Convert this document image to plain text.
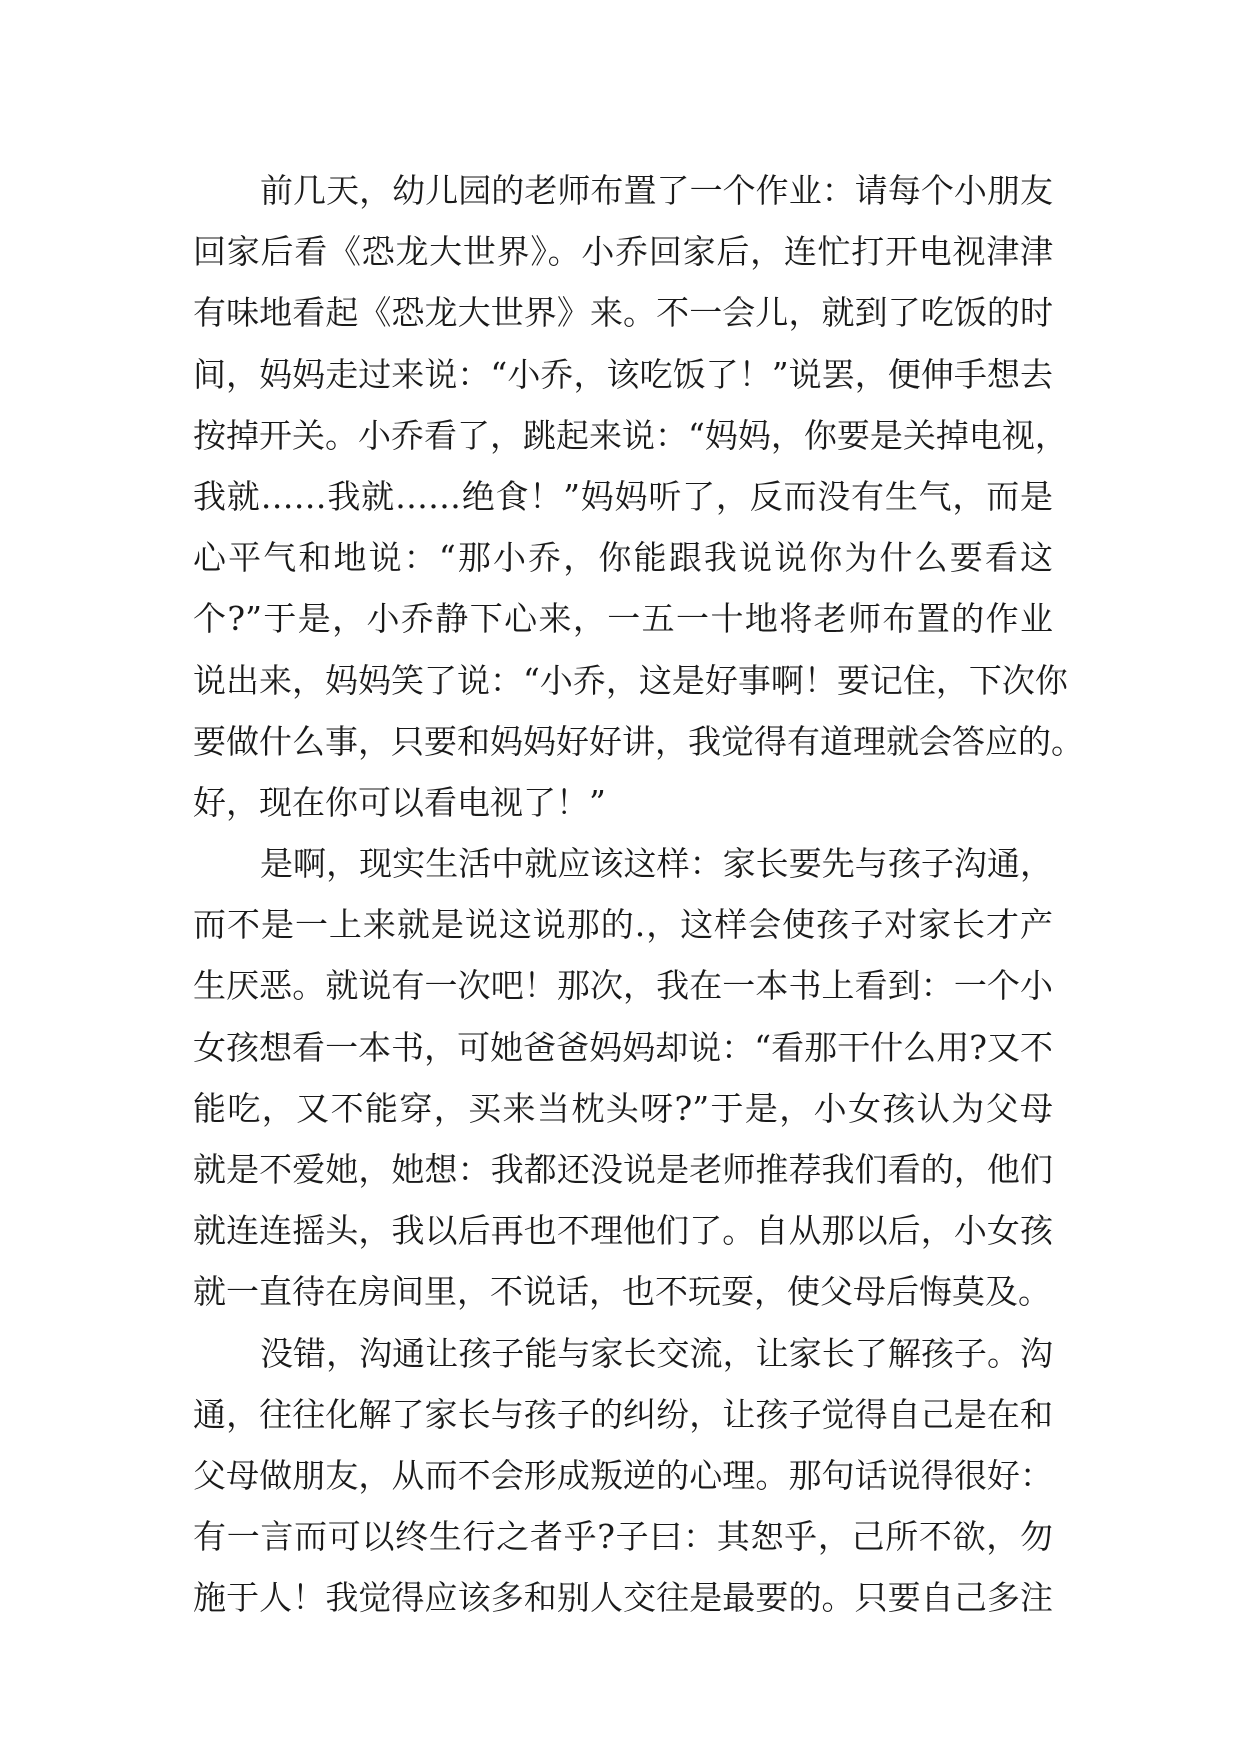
前几天，幼儿园的老师布置了一个作业：请每个小朋友
回家后看《恐龙大世界》。小乔回家后，连忙打开电视津津
有味地看起《恐龙大世界》来。不一会儿，就到了吃饭的时
间，妈妈走过来说：“小乔，该吃饭了！”说罢，便伸手想去
按掉开关。小乔看了，跳起来说：“妈妈，你要是关掉电视，
我就……我就……绝食！”妈妈听了，反而没有生气，而是
心平气和地说：“那小乔，你能跟我说说你为什么要看这
个?”于是，小乔静下心来，一五一十地将老师布置的作业
说出来，妈妈笑了说：“小乔，这是好事啊！要记住，下次你
要做什么事，只要和妈妈好好讲，我觉得有道理就会答应的。
好，现在你可以看电视了！”
是啊，现实生活中就应该这样：家长要先与孩子沟通，
而不是一上来就是说这说那的.，这样会使孩子对家长才产
生厌恶。就说有一次吧！那次，我在一本书上看到：一个小
女孩想看一本书，可她爸爸妈妈却说：“看那干什么用?又不
能吃，又不能穿，买来当枕头呀?”于是，小女孩认为父母
就是不爱她，她想：我都还没说是老师推荐我们看的，他们
就连连摇头，我以后再也不理他们了。自从那以后，小女孩
就一直待在房间里，不说话，也不玩耍，使父母后悔莫及。
没错，沟通让孩子能与家长交流，让家长了解孩子。沟
通，往往化解了家长与孩子的纠纷，让孩子觉得自己是在和
父母做朋友，从而不会形成叛逆的心理。那句话说得很好：
有一言而可以终生行之者乎?子曰：其恕乎，己所不欲，勿
施于人！我觉得应该多和别人交往是最要的。只要自己多注
